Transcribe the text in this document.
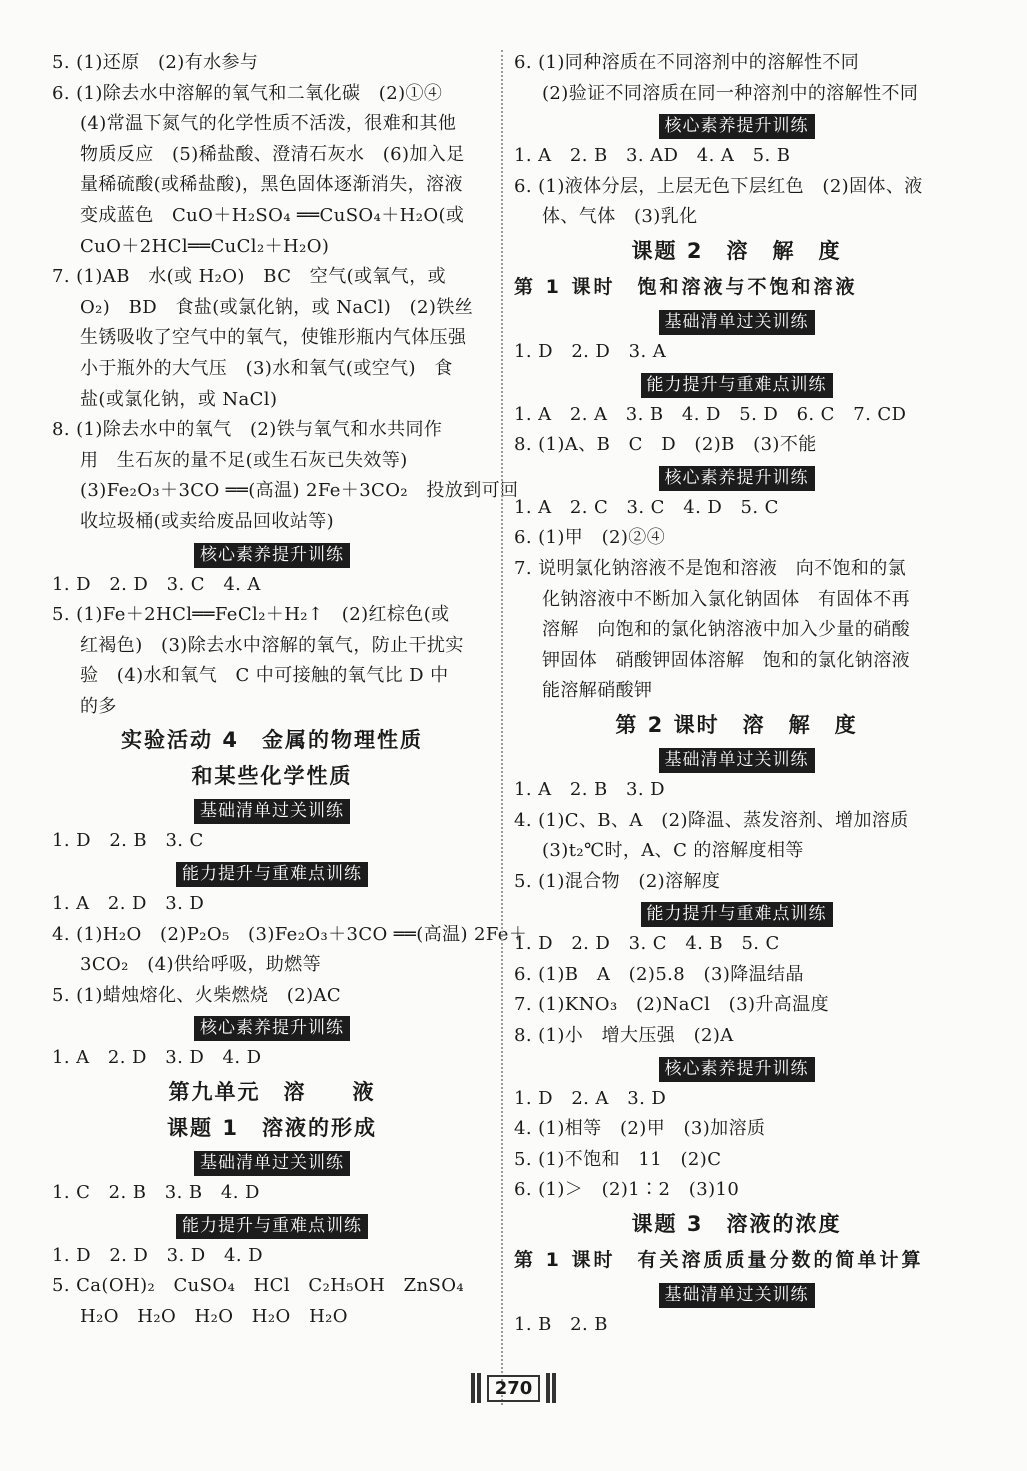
5. (1)还原　(2)有水参与
6. (1)除去水中溶解的氧气和二氧化碳　(2)①④
(4)常温下氮气的化学性质不活泼，很难和其他
物质反应　(5)稀盐酸、澄清石灰水　(6)加入足
量稀硫酸(或稀盐酸)，黑色固体逐渐消失，溶液
变成蓝色　CuO＋H₂SO₄ ══CuSO₄＋H₂O(或
CuO＋2HCl══CuCl₂＋H₂O)
7. (1)AB　水(或 H₂O)　BC　空气(或氧气，或
O₂)　BD　食盐(或氯化钠，或 NaCl)　(2)铁丝
生锈吸收了空气中的氧气，使锥形瓶内气体压强
小于瓶外的大气压　(3)水和氧气(或空气)　食
盐(或氯化钠，或 NaCl)
8. (1)除去水中的氧气　(2)铁与氧气和水共同作
用　生石灰的量不足(或生石灰已失效等)
(3)Fe₂O₃＋3CO ══(高温) 2Fe＋3CO₂　投放到可回
收垃圾桶(或卖给废品回收站等)
核心素养提升训练
1. D　2. D　3. C　4. A
5. (1)Fe＋2HCl══FeCl₂＋H₂↑　(2)红棕色(或
红褐色)　(3)除去水中溶解的氧气，防止干扰实
验　(4)水和氧气　C 中可接触的氧气比 D 中
的多
实验活动 4　金属的物理性质
和某些化学性质
基础清单过关训练
1. D　2. B　3. C
能力提升与重难点训练
1. A　2. D　3. D
4. (1)H₂O　(2)P₂O₅　(3)Fe₂O₃＋3CO ══(高温) 2Fe＋
3CO₂　(4)供给呼吸，助燃等
5. (1)蜡烛熔化、火柴燃烧　(2)AC
核心素养提升训练
1. A　2. D　3. D　4. D
第九单元　溶　　液
课题 1　溶液的形成
基础清单过关训练
1. C　2. B　3. B　4. D
能力提升与重难点训练
1. D　2. D　3. D　4. D
5. Ca(OH)₂　CuSO₄　HCl　C₂H₅OH　ZnSO₄
H₂O　H₂O　H₂O　H₂O　H₂O
6. (1)同种溶质在不同溶剂中的溶解性不同
(2)验证不同溶质在同一种溶剂中的溶解性不同
核心素养提升训练
1. A　2. B　3. AD　4. A　5. B
6. (1)液体分层，上层无色下层红色　(2)固体、液
体、气体　(3)乳化
课题 2　溶　解　度
第 1 课时　饱和溶液与不饱和溶液
基础清单过关训练
1. D　2. D　3. A
能力提升与重难点训练
1. A　2. A　3. B　4. D　5. D　6. C　7. CD
8. (1)A、B　C　D　(2)B　(3)不能
核心素养提升训练
1. A　2. C　3. C　4. D　5. C
6. (1)甲　(2)②④
7. 说明氯化钠溶液不是饱和溶液　向不饱和的氯
化钠溶液中不断加入氯化钠固体　有固体不再
溶解　向饱和的氯化钠溶液中加入少量的硝酸
钾固体　硝酸钾固体溶解　饱和的氯化钠溶液
能溶解硝酸钾
第 2 课时　溶　解　度
基础清单过关训练
1. A　2. B　3. D
4. (1)C、B、A　(2)降温、蒸发溶剂、增加溶质
(3)t₂℃时，A、C 的溶解度相等
5. (1)混合物　(2)溶解度
能力提升与重难点训练
1. D　2. D　3. C　4. B　5. C
6. (1)B　A　(2)5.8　(3)降温结晶
7. (1)KNO₃　(2)NaCl　(3)升高温度
8. (1)小　增大压强　(2)A
核心素养提升训练
1. D　2. A　3. D
4. (1)相等　(2)甲　(3)加溶质
5. (1)不饱和　11　(2)C
6. (1)＞　(2)1∶2　(3)10
课题 3　溶液的浓度
第 1 课时　有关溶质质量分数的简单计算
基础清单过关训练
1. B　2. B
270
